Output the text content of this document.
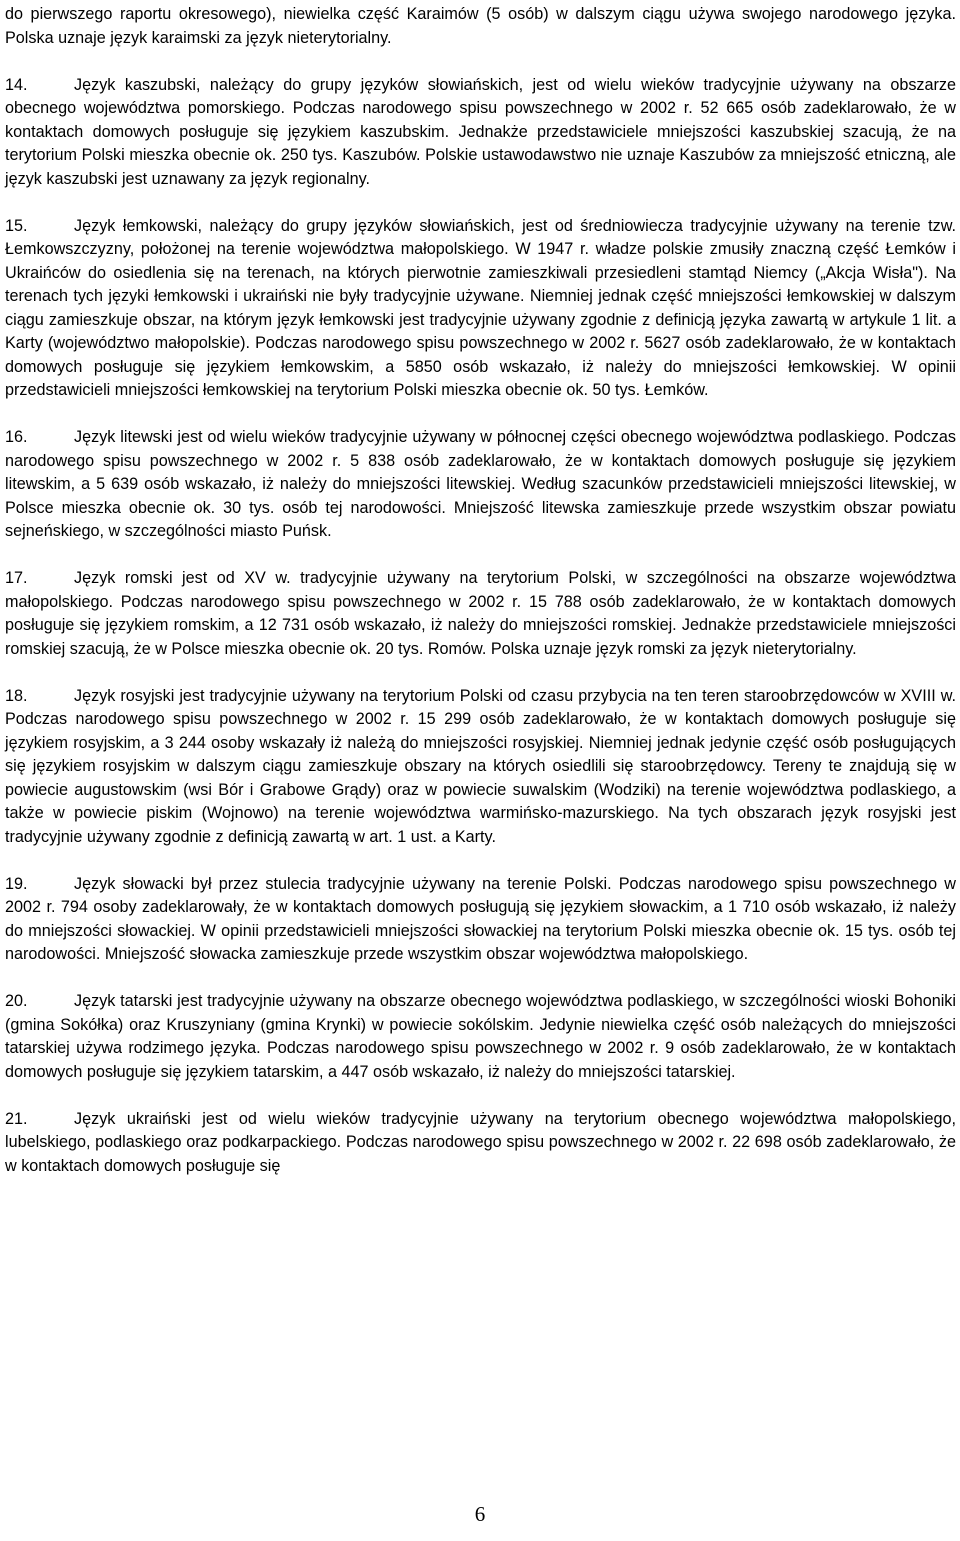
do pierwszego raportu okresowego), niewielka część Karaimów (5 osób) w dalszym ciągu używa swojego narodowego języka. Polska uznaje język karaimski za język nieterytorialny.

14.	Język kaszubski, należący do grupy języków słowiańskich, jest od wielu wieków tradycyjnie używany na obszarze obecnego województwa pomorskiego. Podczas narodowego spisu powszechnego w 2002 r. 52 665 osób zadeklarowało, że w kontaktach domowych posługuje się językiem kaszubskim. Jednakże przedstawiciele mniejszości kaszubskiej szacują, że na terytorium Polski mieszka obecnie ok. 250 tys. Kaszubów. Polskie ustawodawstwo nie uznaje Kaszubów za mniejszość etniczną, ale język kaszubski jest uznawany za język regionalny.

15.	Język łemkowski, należący do grupy języków słowiańskich, jest od średniowiecza tradycyjnie używany na terenie tzw. Łemkowszczyzny, położonej na terenie województwa małopolskiego. W 1947 r. władze polskie zmusiły znaczną część Łemków i Ukraińców do osiedlenia się na terenach, na których pierwotnie zamieszkiwali przesiedleni stamtąd Niemcy („Akcja Wisła"). Na terenach tych języki łemkowski i ukraiński nie były tradycyjnie używane. Niemniej jednak część mniejszości łemkowskiej w dalszym ciągu zamieszkuje obszar, na którym język łemkowski jest tradycyjnie używany zgodnie z definicją języka zawartą w artykule 1 lit. a Karty (województwo małopolskie). Podczas narodowego spisu powszechnego w 2002 r. 5627 osób zadeklarowało, że w kontaktach domowych posługuje się językiem łemkowskim, a 5850 osób wskazało, iż należy do mniejszości łemkowskiej. W opinii przedstawicieli mniejszości łemkowskiej na terytorium Polski mieszka obecnie ok. 50 tys. Łemków.

16.	Język litewski jest od wielu wieków tradycyjnie używany w północnej części obecnego województwa podlaskiego. Podczas narodowego spisu powszechnego w 2002 r. 5 838 osób zadeklarowało, że w kontaktach domowych posługuje się językiem litewskim, a 5 639 osób wskazało, iż należy do mniejszości litewskiej. Według szacunków przedstawicieli mniejszości litewskiej, w Polsce mieszka obecnie ok. 30 tys. osób tej narodowości. Mniejszość litewska zamieszkuje przede wszystkim obszar powiatu sejneńskiego, w szczególności miasto Puńsk.

17.	Język romski jest od XV w. tradycyjnie używany na terytorium Polski, w szczególności na obszarze województwa małopolskiego. Podczas narodowego spisu powszechnego w 2002 r. 15 788 osób zadeklarowało, że w kontaktach domowych posługuje się językiem romskim, a 12 731 osób wskazało, iż należy do mniejszości romskiej. Jednakże przedstawiciele mniejszości romskiej szacują, że w Polsce mieszka obecnie ok. 20 tys. Romów. Polska uznaje język romski za język nieterytorialny.

18.	Język rosyjski jest tradycyjnie używany na terytorium Polski od czasu przybycia na ten teren staroobrzędowców w XVIII w. Podczas narodowego spisu powszechnego w 2002 r. 15 299 osób zadeklarowało, że w kontaktach domowych posługuje się językiem rosyjskim, a 3 244 osoby wskazały iż należą do mniejszości rosyjskiej. Niemniej jednak jedynie część osób posługujących się językiem rosyjskim w dalszym ciągu zamieszkuje obszary na których osiedlili się staroobrzędowcy. Tereny te znajdują się w powiecie augustowskim (wsi Bór i Grabowe Grądy) oraz w powiecie suwalskim (Wodziki) na terenie województwa podlaskiego, a także w powiecie piskim (Wojnowo) na terenie województwa warmińsko-mazurskiego. Na tych obszarach język rosyjski jest tradycyjnie używany zgodnie z definicją zawartą w art. 1 ust. a Karty.

19.	Język słowacki był przez stulecia tradycyjnie używany na terenie Polski. Podczas narodowego spisu powszechnego w 2002 r. 794 osoby zadeklarowały, że w kontaktach domowych posługują się językiem słowackim, a 1 710 osób wskazało, iż należy do mniejszości słowackiej. W opinii przedstawicieli mniejszości słowackiej na terytorium Polski mieszka obecnie ok. 15 tys. osób tej narodowości. Mniejszość słowacka zamieszkuje przede wszystkim obszar województwa małopolskiego.

20.	Język tatarski jest tradycyjnie używany na obszarze obecnego województwa podlaskiego, w szczególności wioski Bohoniki (gmina Sokółka) oraz Kruszyniany (gmina Krynki) w powiecie sokólskim. Jedynie niewielka część osób należących do mniejszości tatarskiej używa rodzimego języka. Podczas narodowego spisu powszechnego w 2002 r. 9 osób zadeklarowało, że w kontaktach domowych posługuje się językiem tatarskim, a 447 osób wskazało, iż należy do mniejszości tatarskiej.

21.	Język ukraiński jest od wielu wieków tradycyjnie używany na terytorium obecnego województwa małopolskiego, lubelskiego, podlaskiego oraz podkarpackiego. Podczas narodowego spisu powszechnego w 2002 r. 22 698 osób zadeklarowało, że w kontaktach domowych posługuje się

6
